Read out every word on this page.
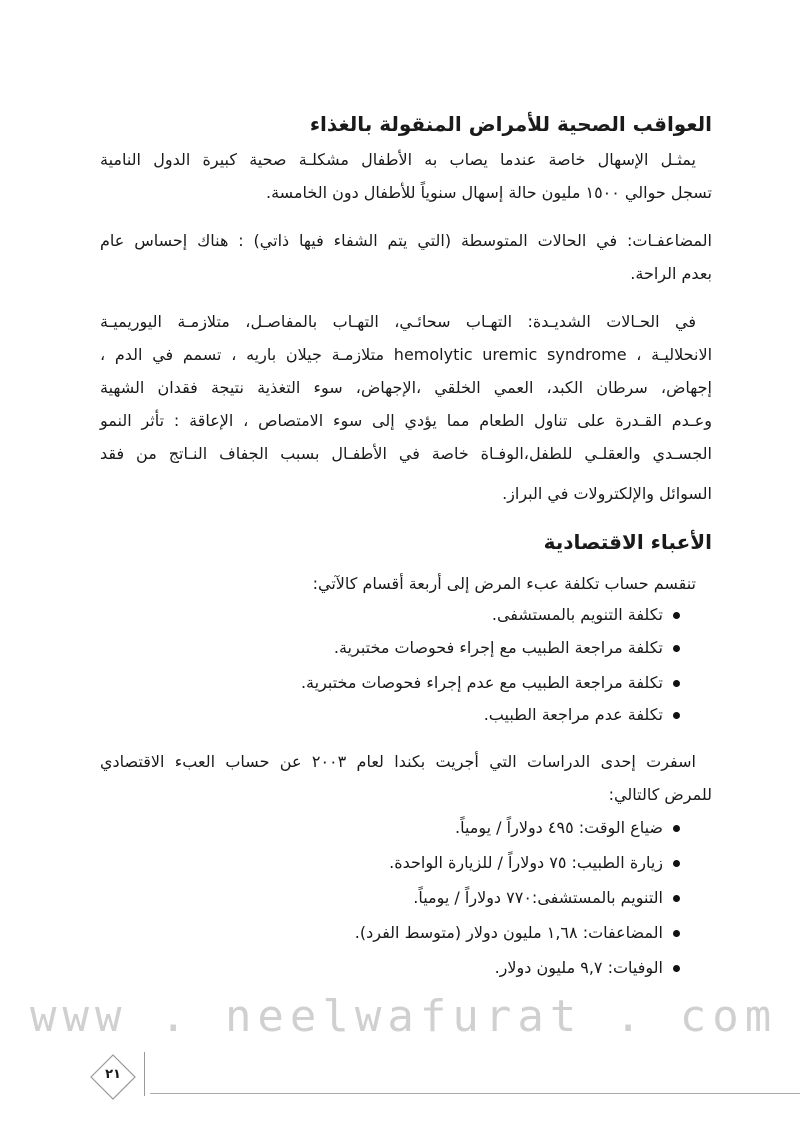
العواقب الصحية للأمراض المنقولة بالغذاء
يمثـل الإسهال خاصة عندما يصاب به الأطفال مشكلـة صحية كبيرة الدول النامية
تسجل حوالي ١٥٠٠ مليون حالة إسهال سنوياً للأطفال دون الخامسة.
المضاعفـات: في الحالات المتوسطة (التي يتم الشفاء فيها ذاتي) : هناك إحساس عام
بعدم الراحة.
في الحـالات الشديـدة: التهـاب سحائـي، التهـاب بالمفاصـل، متلازمـة اليوريميـة
الانحلاليـة ، hemolytic uremic syndrome متلازمـة جيلان باريه ، تسمم في الدم ،
إجهاض، سرطان الكبد، العمي الخلقي ،الإجهاض، سوء التغذية نتيجة فقدان الشهية
وعـدم القـدرة على تناول الطعام مما يؤدي إلى سوء الامتصاص ، الإعاقة : تأثر النمو
الجسـدي والعقلـي للطفل،الوفـاة خاصة في الأطفـال بسبب الجفاف النـاتج من فقد
السوائل والإلكترولات في البراز.
الأعباء الاقتصادية
تنقسم حساب تكلفة عبء المرض إلى أربعة أقسام كالآتي:
تكلفة التنويم بالمستشفى.
تكلفة مراجعة الطبيب مع إجراء فحوصات مختبرية.
تكلفة مراجعة الطبيب مع عدم إجراء فحوصات مختبرية.
تكلفة عدم مراجعة الطبيب.
اسفرت إحدى الدراسات التي أجريت بكندا لعام ٢٠٠٣ عن حساب العبء الاقتصادي
للمرض كالتالي:
ضياع الوقت: ٤٩٥ دولاراً / يومياً.
زيارة الطبيب: ٧٥ دولاراً / للزيارة الواحدة.
التنويم بالمستشفى:٧٧٠ دولاراً / يومياً.
المضاعفات: ١,٦٨ مليون دولار (متوسط الفرد).
الوفيات: ٩,٧ مليون دولار.
www . neelwafurat . com
٢١
